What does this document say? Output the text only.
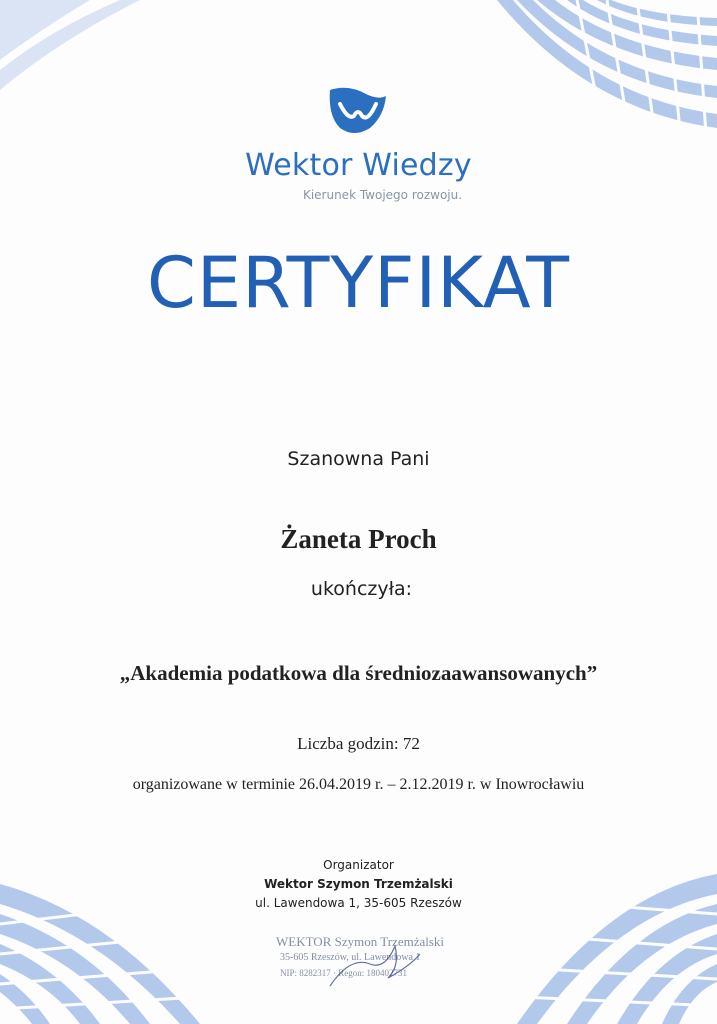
Wektor Wiedzy
Kierunek Twojego rozwoju.
CERTYFIKAT
Szanowna Pani
Żaneta Proch
ukończyła:
„Akademia podatkowa dla średniozaawansowanych”
Liczba godzin: 72
organizowane w terminie 26.04.2019 r. – 2.12.2019 r. w Inowrocławiu
Organizator
Wektor Szymon Trzemżalski
ul. Lawendowa 1, 35-605 Rzeszów
WEKTOR Szymon Trzemżalski
35-605 Rzeszów, ul. Lawendowa 1
NIP: 8282317 · Regon: 180402731
